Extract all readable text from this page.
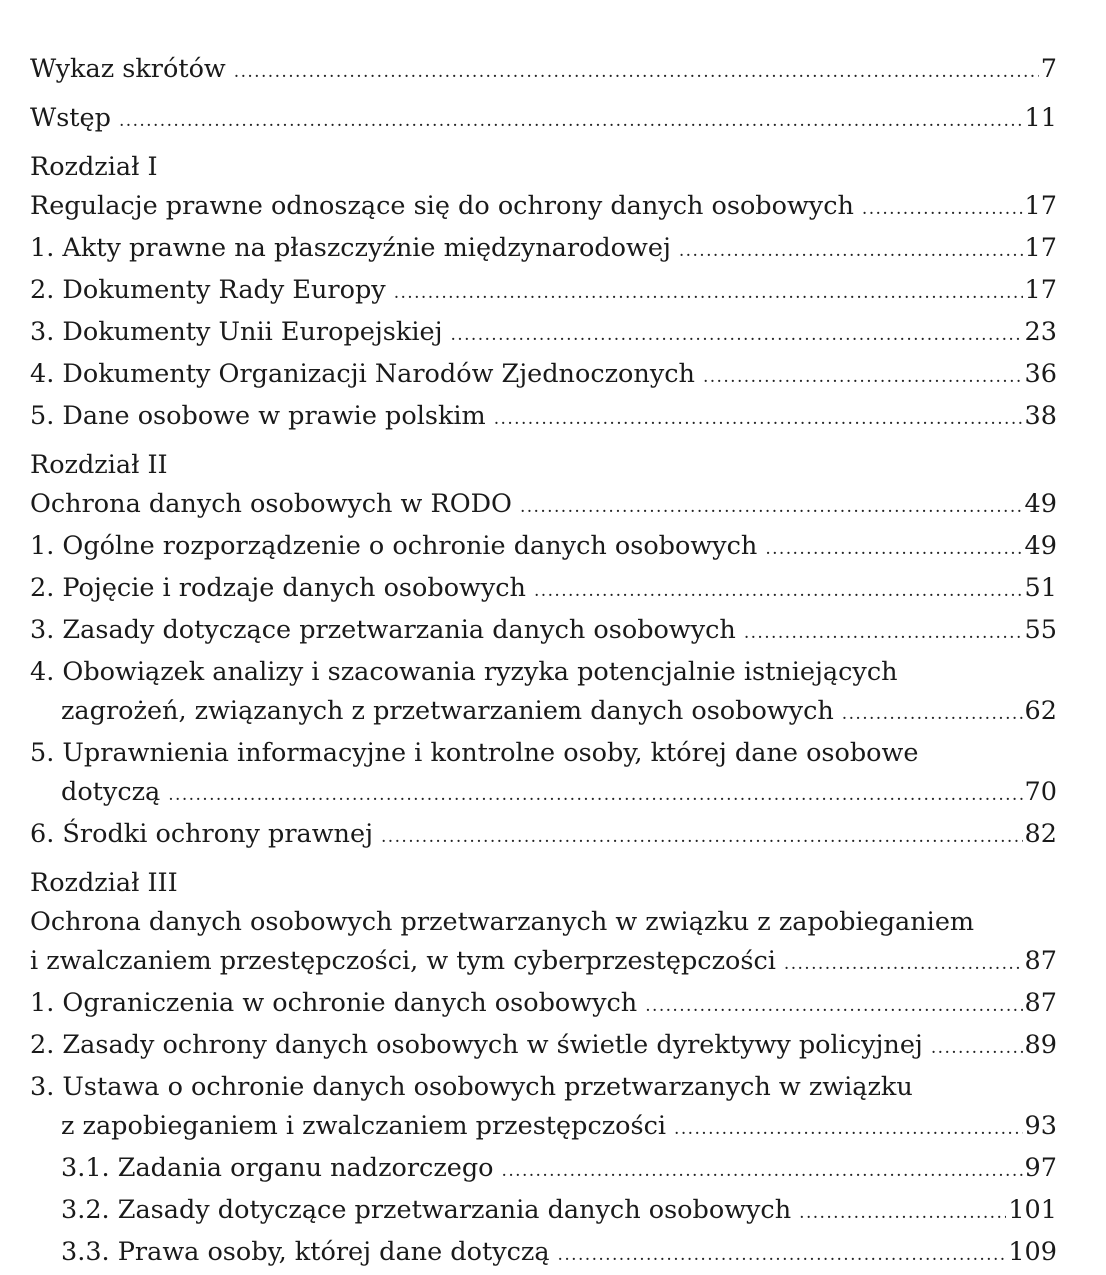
Wykaz skrótów .....	7
Wstęp .....	11
Rozdział I
Regulacje prawne odnoszące się do ochrony danych osobowych .....	17
1. Akty prawne na płaszczyźnie międzynarodowej .....	17
2. Dokumenty Rady Europy .....	17
3. Dokumenty Unii Europejskiej .....	23
4. Dokumenty Organizacji Narodów Zjednoczonych .....	36
5. Dane osobowe w prawie polskim .....	38
Rozdział II
Ochrona danych osobowych w RODO .....	49
1. Ogólne rozporządzenie o ochronie danych osobowych .....	49
2. Pojęcie i rodzaje danych osobowych .....	51
3. Zasady dotyczące przetwarzania danych osobowych .....	55
4. Obowiązek analizy i szacowania ryzyka potencjalnie istniejących
zagrożeń, związanych z przetwarzaniem danych osobowych .....	62
5. Uprawnienia informacyjne i kontrolne osoby, której dane osobowe
dotyczą .....	70
6. Środki ochrony prawnej .....	82
Rozdział III
Ochrona danych osobowych przetwarzanych w związku z zapobieganiem
i zwalczaniem przestępczości, w tym cyberprzestępczości .....	87
1. Ograniczenia w ochronie danych osobowych .....	87
2. Zasady ochrony danych osobowych w świetle dyrektywy policyjnej .....	89
3. Ustawa o ochronie danych osobowych przetwarzanych w związku
z zapobieganiem i zwalczaniem przestępczości .....	93
3.1. Zadania organu nadzorczego .....	97
3.2. Zasady dotyczące przetwarzania danych osobowych .....	101
3.3. Prawa osoby, której dane dotyczą .....	109
